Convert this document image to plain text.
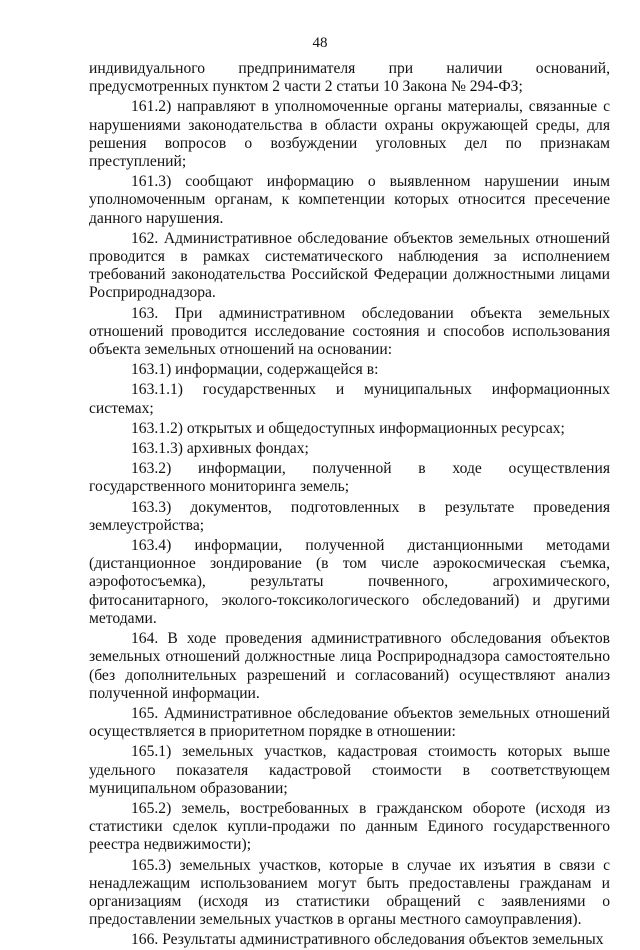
48

индивидуального предпринимателя при наличии оснований, предусмотренных пунктом 2 части 2 статьи 10 Закона № 294-ФЗ;

161.2) направляют в уполномоченные органы материалы, связанные с нарушениями законодательства в области охраны окружающей среды, для решения вопросов о возбуждении уголовных дел по признакам преступлений;

161.3) сообщают информацию о выявленном нарушении иным уполномоченным органам, к компетенции которых относится пресечение данного нарушения.

162. Административное обследование объектов земельных отношений проводится в рамках систематического наблюдения за исполнением требований законодательства Российской Федерации должностными лицами Росприроднадзора.

163. При административном обследовании объекта земельных отношений проводится исследование состояния и способов использования объекта земельных отношений на основании:

163.1) информации, содержащейся в:

163.1.1) государственных и муниципальных информационных системах;

163.1.2) открытых и общедоступных информационных ресурсах;

163.1.3) архивных фондах;

163.2) информации, полученной в ходе осуществления государственного мониторинга земель;

163.3) документов, подготовленных в результате проведения землеустройства;

163.4) информации, полученной дистанционными методами (дистанционное зондирование (в том числе аэрокосмическая съемка, аэрофотосъемка), результаты почвенного, агрохимического, фитосанитарного, эколого-токсикологического обследований) и другими методами.

164. В ходе проведения административного обследования объектов земельных отношений должностные лица Росприроднадзора самостоятельно (без дополнительных разрешений и согласований) осуществляют анализ полученной информации.

165. Административное обследование объектов земельных отношений осуществляется в приоритетном порядке в отношении:

165.1) земельных участков, кадастровая стоимость которых выше удельного показателя кадастровой стоимости в соответствующем муниципальном образовании;

165.2) земель, востребованных в гражданском обороте (исходя из статистики сделок купли-продажи по данным Единого государственного реестра недвижимости);

165.3) земельных участков, которые в случае их изъятия в связи с ненадлежащим использованием могут быть предоставлены гражданам и организациям (исходя из статистики обращений с заявлениями о предоставлении земельных участков в органы местного самоуправления).

166. Результаты административного обследования объектов земельных
